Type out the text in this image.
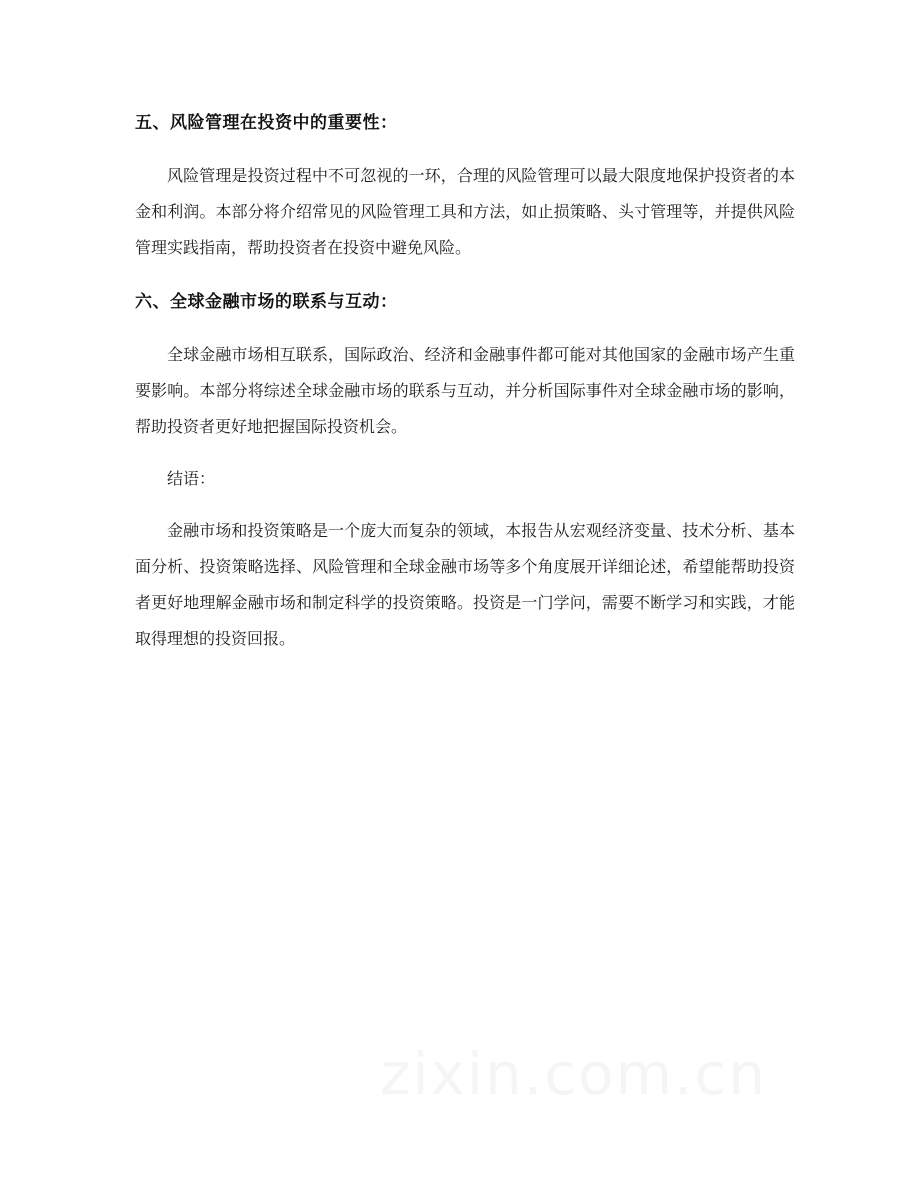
五、风险管理在投资中的重要性：

风险管理是投资过程中不可忽视的一环，合理的风险管理可以最大限度地保护投资者的本金和利润。本部分将介绍常见的风险管理工具和方法，如止损策略、头寸管理等，并提供风险管理实践指南，帮助投资者在投资中避免风险。

六、全球金融市场的联系与互动：

全球金融市场相互联系，国际政治、经济和金融事件都可能对其他国家的金融市场产生重要影响。本部分将综述全球金融市场的联系与互动，并分析国际事件对全球金融市场的影响，帮助投资者更好地把握国际投资机会。

结语：

金融市场和投资策略是一个庞大而复杂的领域，本报告从宏观经济变量、技术分析、基本面分析、投资策略选择、风险管理和全球金融市场等多个角度展开详细论述，希望能帮助投资者更好地理解金融市场和制定科学的投资策略。投资是一门学问，需要不断学习和实践，才能取得理想的投资回报。
